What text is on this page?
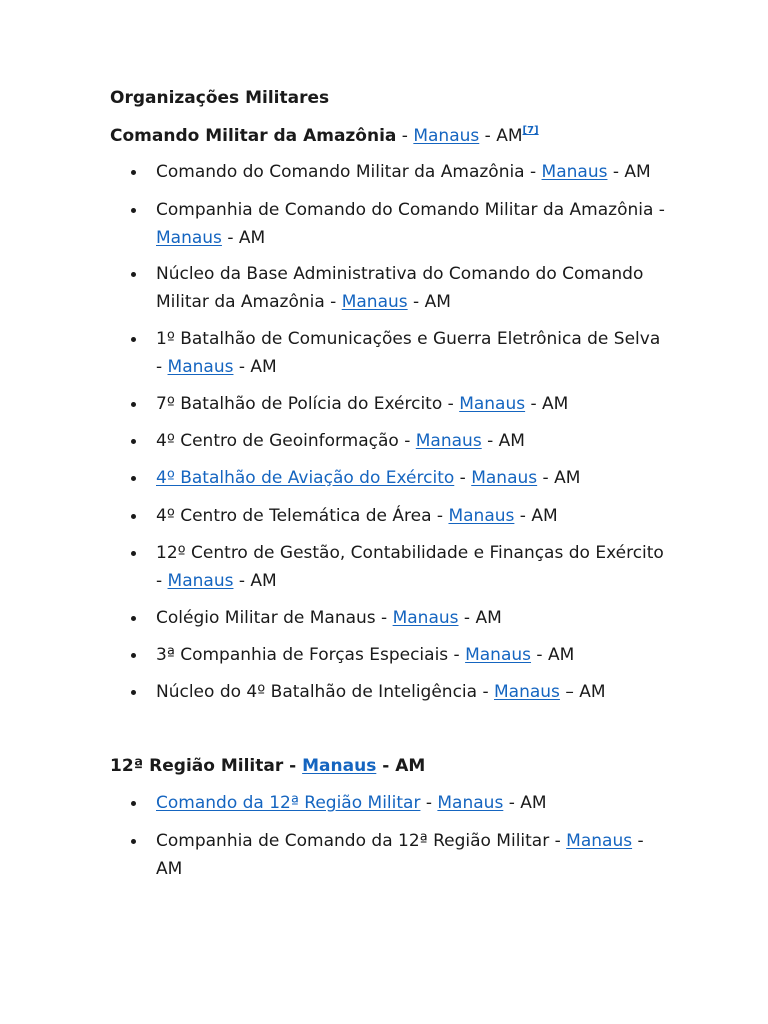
Organizações Militares
Comando Militar da Amazônia - Manaus - AM[7]
Comando do Comando Militar da Amazônia - Manaus - AM
Companhia de Comando do Comando Militar da Amazônia - Manaus - AM
Núcleo da Base Administrativa do Comando do Comando Militar da Amazônia - Manaus - AM
1º Batalhão de Comunicações e Guerra Eletrônica de Selva - Manaus - AM
7º Batalhão de Polícia do Exército - Manaus - AM
4º Centro de Geoinformação - Manaus - AM
4º Batalhão de Aviação do Exército - Manaus - AM
4º Centro de Telemática de Área - Manaus - AM
12º Centro de Gestão, Contabilidade e Finanças do Exército - Manaus - AM
Colégio Militar de Manaus - Manaus - AM
3ª Companhia de Forças Especiais - Manaus - AM
Núcleo do 4º Batalhão de Inteligência - Manaus – AM
12ª Região Militar - Manaus - AM
Comando da 12ª Região Militar - Manaus - AM
Companhia de Comando da 12ª Região Militar - Manaus - AM
